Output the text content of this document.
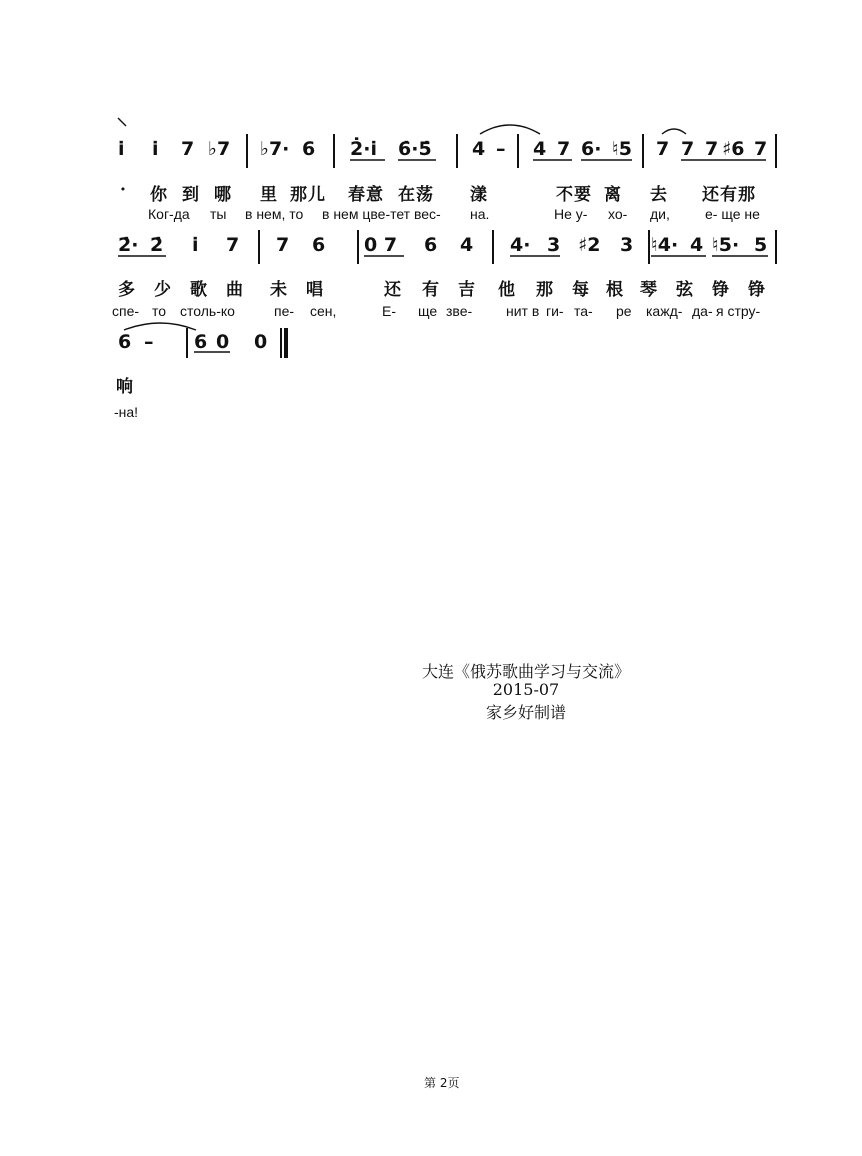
i̇ i̇ 7 ♭7 ♭7· 6 2̇·i̇ 6̇·5̇ 4 – 4 7 6· ♮5 7 7 7 ♯6 7
· 你 到 哪 里 那儿 春意 在荡 漾	不要 离 去 还有那
Ког-да ты в нем, то в нем цве-тет вес- на.	Не у- хо- ди,	е- ще не
2̇· 2̇ i̇ 7 7 6 0 7 6 4 4· 3 ♯2 3 ♮4· 4 ♮5· 5
多 少 歌 曲 未 唱	还 有 吉 他 那 每 根 琴 弦 铮 铮
спе- то столь-ко	пе- сен,	Е- ще зве- нит в ги- та- ре кажд- да- я стру-
6 – 6 0 0
响
-на!
大连《俄苏歌曲学习与交流》
2015-07
家乡好制谱
第 2页
